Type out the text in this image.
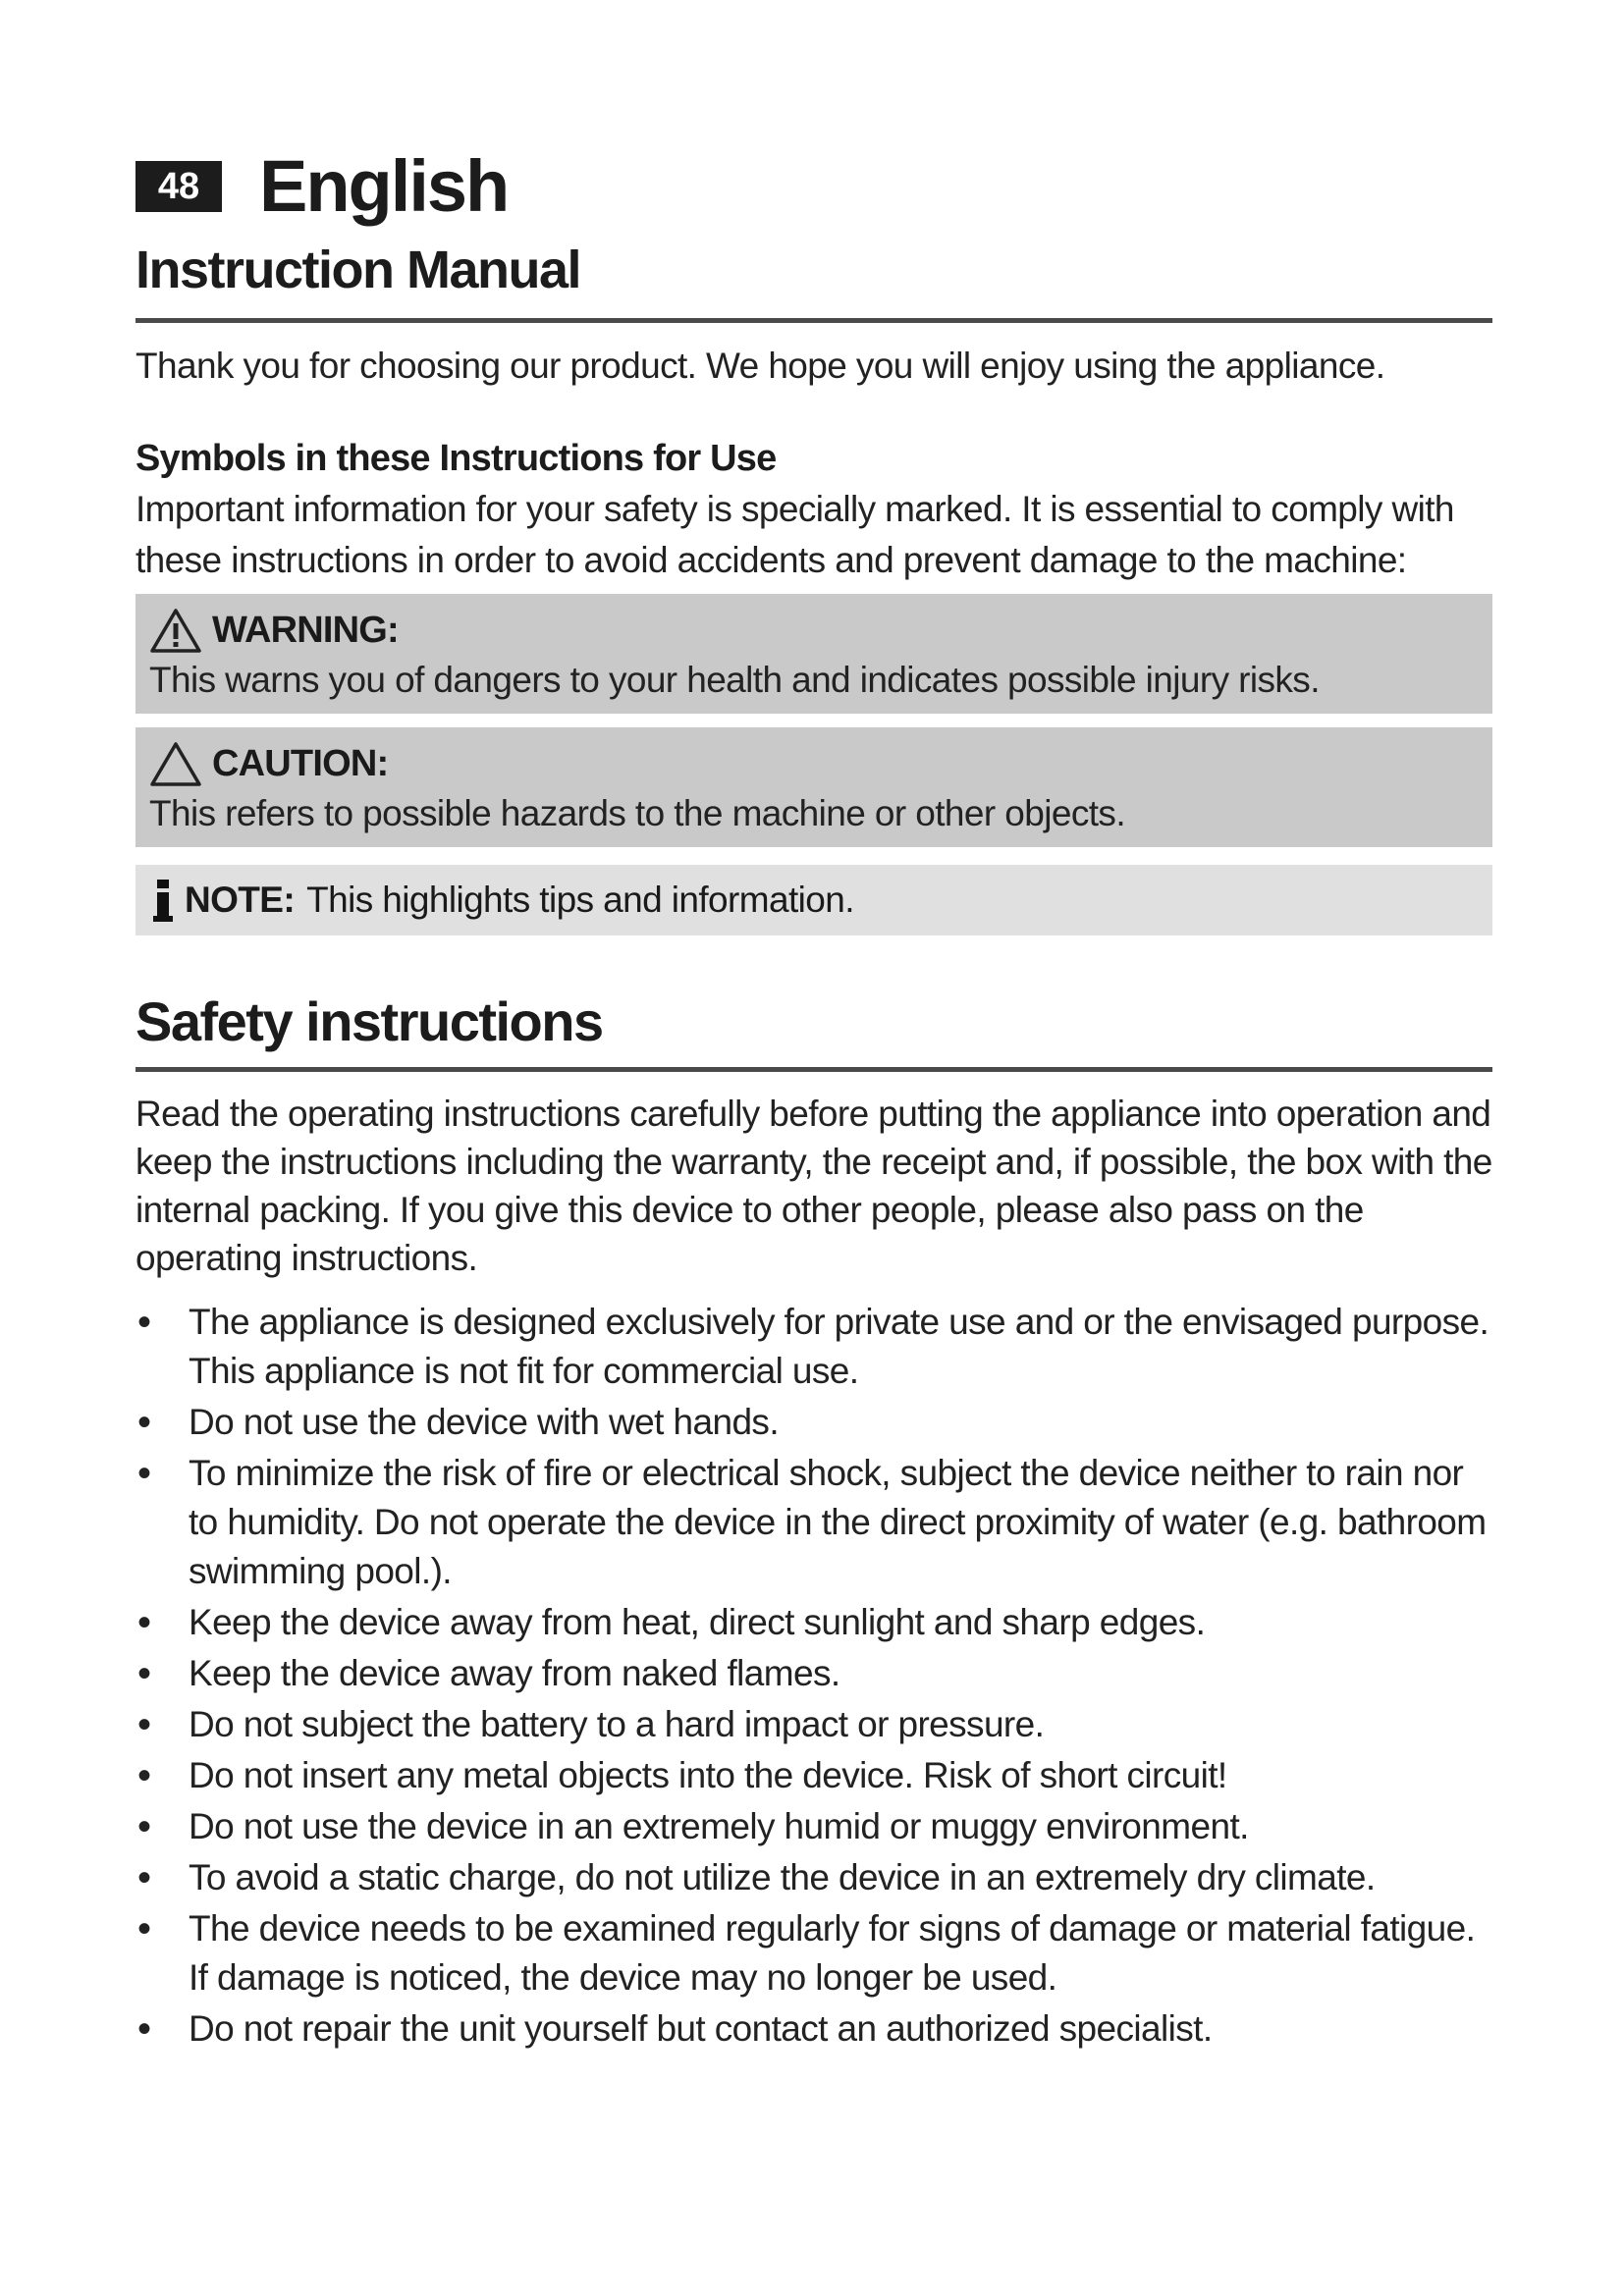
48 English
Instruction Manual
Thank you for choosing our product. We hope you will enjoy using the appliance.
Symbols in these Instructions for Use
Important information for your safety is specially marked. It is essential to comply with these instructions in order to avoid accidents and prevent damage to the machine:
WARNING:
This warns you of dangers to your health and indicates possible injury risks.
CAUTION:
This refers to possible hazards to the machine or other objects.
NOTE: This highlights tips and information.
Safety instructions
Read the operating instructions carefully before putting the appliance into operation and keep the instructions including the warranty, the receipt and, if possible, the box with the internal packing. If you give this device to other people, please also pass on the operating instructions.
• The appliance is designed exclusively for private use and or the envisaged purpose. This appliance is not fit for commercial use.
• Do not use the device with wet hands.
• To minimize the risk of fire or electrical shock, subject the device neither to rain nor to humidity. Do not operate the device in the direct proximity of water (e.g. bathroom swimming pool.).
• Keep the device away from heat, direct sunlight and sharp edges.
• Keep the device away from naked flames.
• Do not subject the battery to a hard impact or pressure.
• Do not insert any metal objects into the device. Risk of short circuit!
• Do not use the device in an extremely humid or muggy environment.
• To avoid a static charge, do not utilize the device in an extremely dry climate.
• The device needs to be examined regularly for signs of damage or material fatigue. If damage is noticed, the device may no longer be used.
• Do not repair the unit yourself but contact an authorized specialist.
